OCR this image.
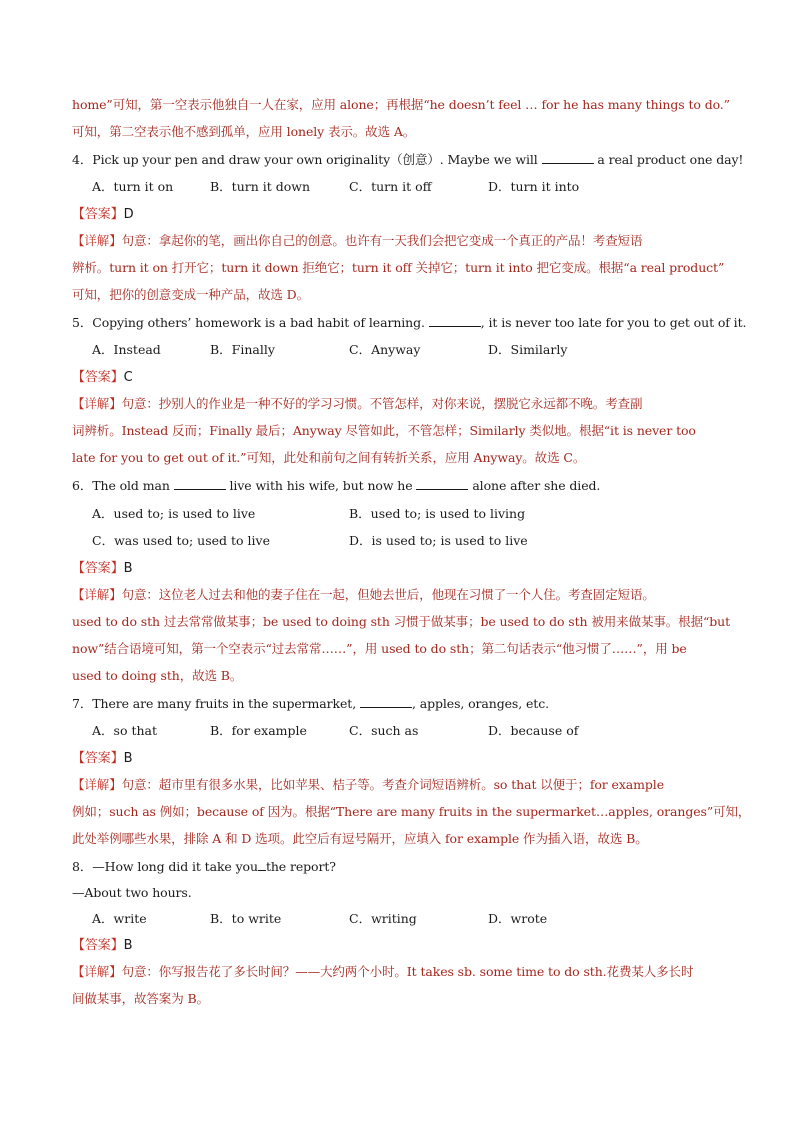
home”可知，第一空表示他独自一人在家，应用 alone；再根据“he doesn’t feel … for he has many things to do.”
可知，第二空表示他不感到孤单，应用 lonely 表示。故选 A。
4．Pick up your pen and draw your own originality（创意）. Maybe we will	a real product one day!
A．turn it on	B．turn it down	C．turn it off	D．turn it into
【答案】D
【详解】句意：拿起你的笔，画出你自己的创意。也许有一天我们会把它变成一个真正的产品！考查短语
辨析。turn it on 打开它；turn it down 拒绝它；turn it off 关掉它；turn it into 把它变成。根据“a real product”
可知，把你的创意变成一种产品，故选 D。
5．Copying others’ homework is a bad habit of learning.	, it is never too late for you to get out of it.
A．Instead	B．Finally	C．Anyway	D．Similarly
【答案】C
【详解】句意：抄别人的作业是一种不好的学习习惯。不管怎样，对你来说，摆脱它永远都不晚。考查副
词辨析。Instead 反而；Finally 最后；Anyway 尽管如此，不管怎样；Similarly 类似地。根据“it is never too
late for you to get out of it.”可知，此处和前句之间有转折关系，应用 Anyway。故选 C。
6．The old man	live with his wife, but now he	alone after she died.
A．used to; is used to live	B．used to; is used to living
C．was used to; used to live	D．is used to; is used to live
【答案】B
【详解】句意：这位老人过去和他的妻子住在一起，但她去世后，他现在习惯了一个人住。考查固定短语。
used to do sth 过去常常做某事；be used to doing sth 习惯于做某事；be used to do sth 被用来做某事。根据“but
now”结合语境可知，第一个空表示“过去常常……”，用 used to do sth；第二句话表示“他习惯了……”，用 be
used to doing sth，故选 B。
7．There are many fruits in the supermarket,	, apples, oranges, etc.
A．so that	B．for example	C．such as	D．because of
【答案】B
【详解】句意：超市里有很多水果，比如苹果、桔子等。考查介词短语辨析。so that 以便于；for example
例如；such as 例如；because of 因为。根据“There are many fruits in the supermarket…apples, oranges”可知，
此处举例哪些水果，排除 A 和 D 选项。此空后有逗号隔开，应填入 for example 作为插入语，故选 B。
8．—How long did it take you the report?
—About two hours.
A．write	B．to write	C．writing	D．wrote
【答案】B
【详解】句意：你写报告花了多长时间？——大约两个小时。It takes sb. some time to do sth.花费某人多长时
间做某事，故答案为 B。
